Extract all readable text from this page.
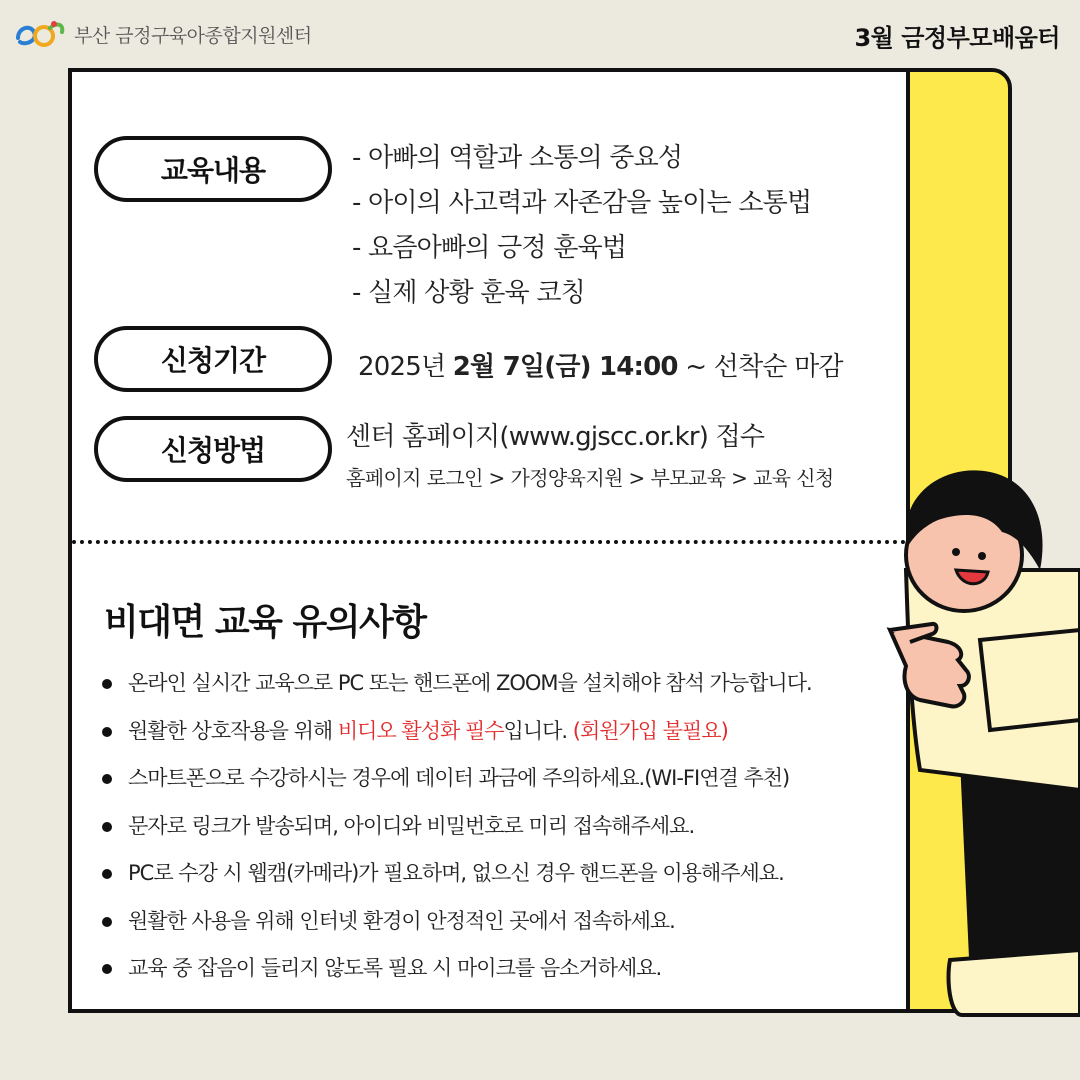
부산 금정구육아종합지원센터	3월 금정부모배움터
교육내용	- 아빠의 역할과 소통의 중요성
- 아이의 사고력과 자존감을 높이는 소통법
- 요즘아빠의 긍정 훈육법
- 실제 상황 훈육 코칭
신청기간	2025년 2월 7일(금) 14:00 ~ 선착순 마감
신청방법	센터 홈페이지(www.gjscc.or.kr) 접수
홈페이지 로그인 > 가정양육지원 > 부모교육 > 교육 신청
비대면 교육 유의사항
온라인 실시간 교육으로 PC 또는 핸드폰에 ZOOM을 설치해야 참석 가능합니다.
원활한 상호작용을 위해 비디오 활성화 필수입니다. (회원가입 불필요)
스마트폰으로 수강하시는 경우에 데이터 과금에 주의하세요.(WI-FI연결 추천)
문자로 링크가 발송되며, 아이디와 비밀번호로 미리 접속해주세요.
PC로 수강 시 웹캠(카메라)가 필요하며, 없으신 경우 핸드폰을 이용해주세요.
원활한 사용을 위해 인터넷 환경이 안정적인 곳에서 접속하세요.
교육 중 잡음이 들리지 않도록 필요 시 마이크를 음소거하세요.
